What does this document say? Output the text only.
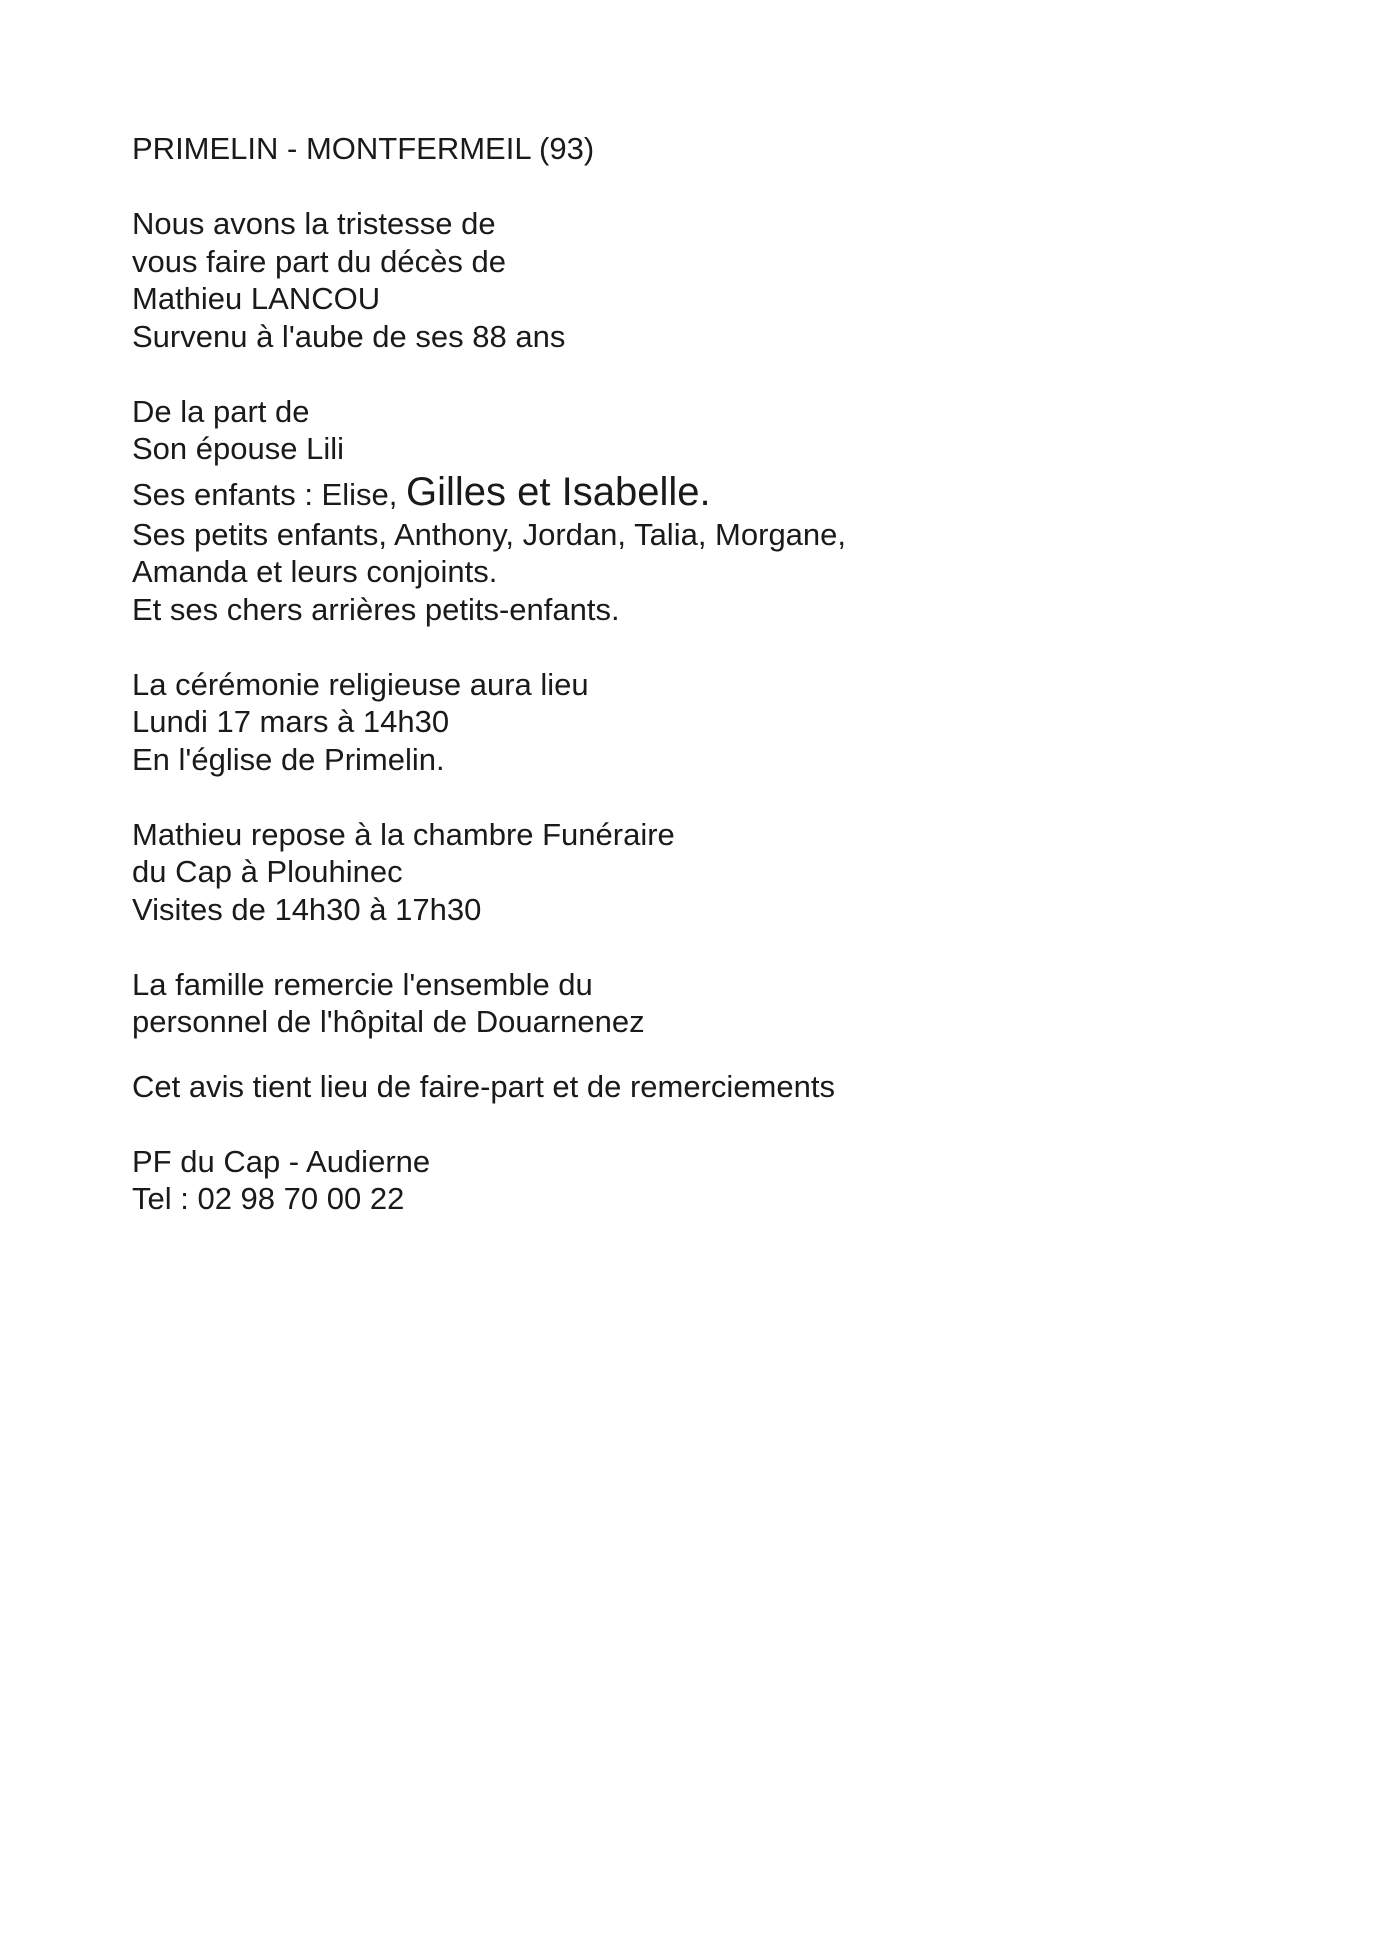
PRIMELIN - MONTFERMEIL (93)
Nous avons la tristesse de
vous faire part du décès de
Mathieu LANCOU
Survenu à l'aube de ses 88 ans
De la part de
Son épouse Lili
Ses enfants : Elise, Gilles et Isabelle.
Ses petits enfants, Anthony, Jordan, Talia, Morgane,
Amanda et leurs conjoints.
Et ses chers arrières petits-enfants.
La cérémonie religieuse aura lieu
Lundi 17 mars à 14h30
En l'église de Primelin.
Mathieu repose à la chambre Funéraire
du Cap à Plouhinec
Visites de 14h30 à 17h30
La famille remercie l'ensemble du
personnel de l'hôpital de Douarnenez
Cet avis tient lieu de faire-part et de remerciements
PF du Cap - Audierne
Tel : 02 98 70 00 22
